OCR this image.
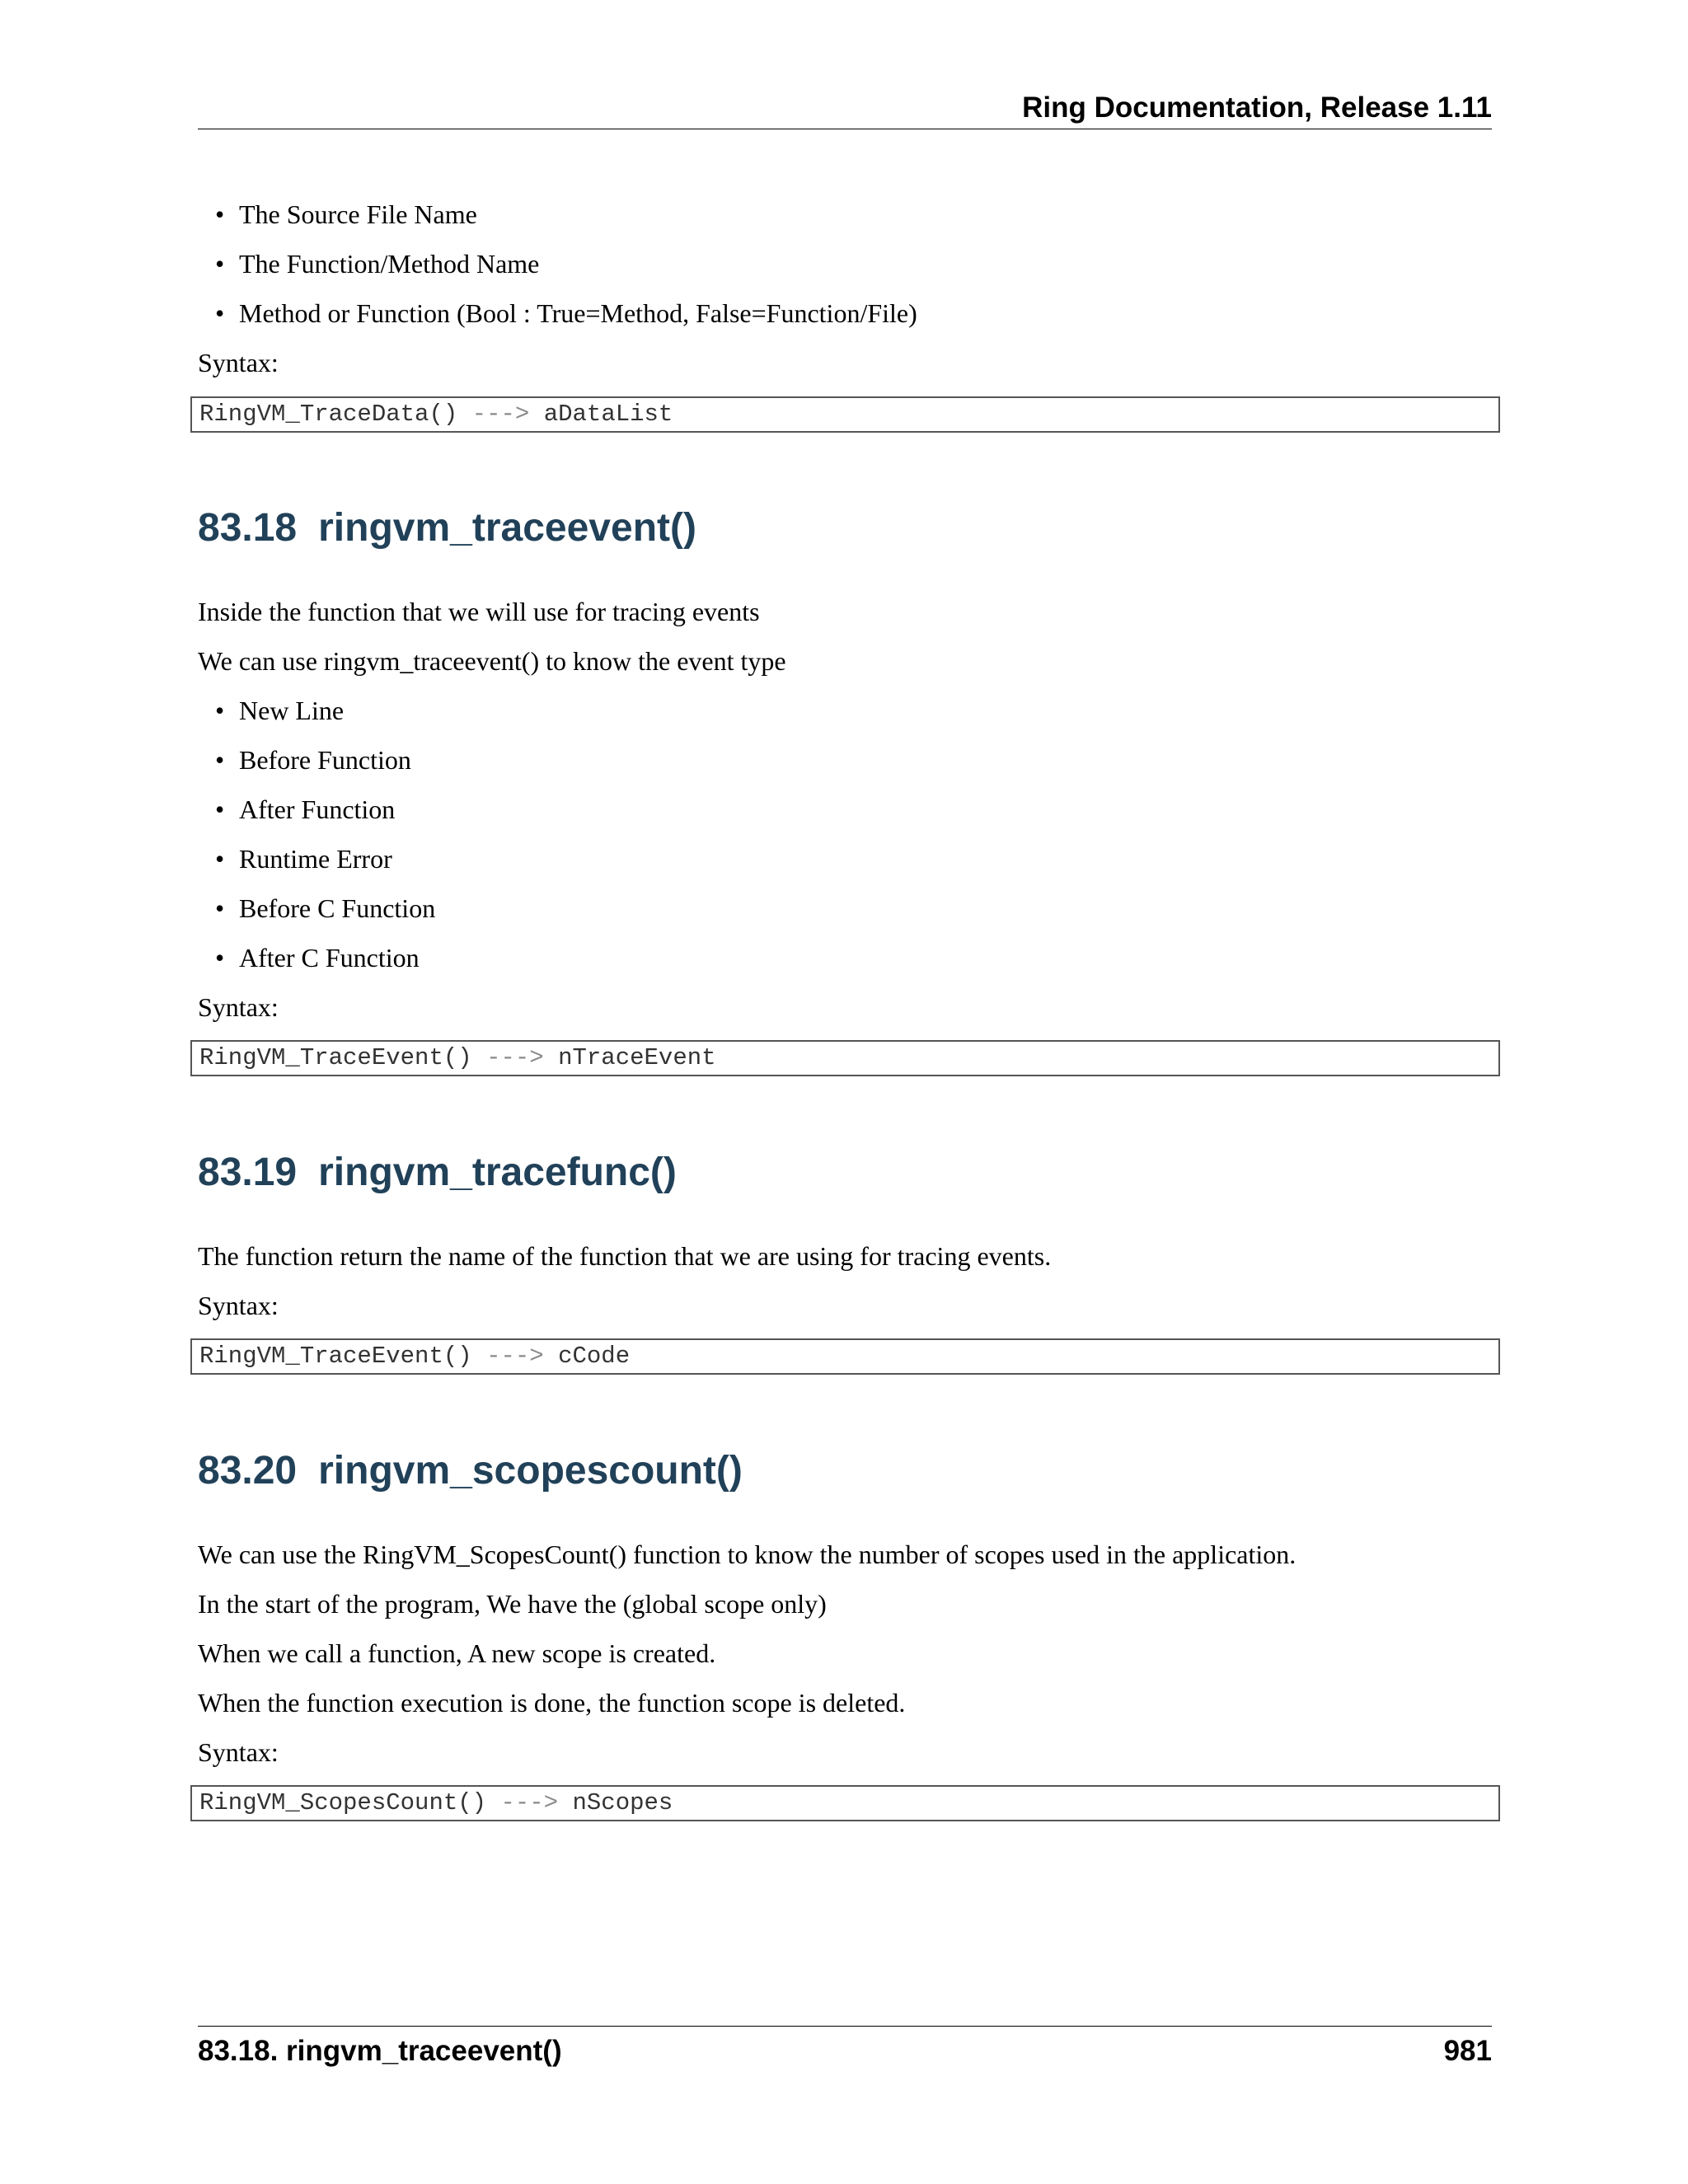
Ring Documentation, Release 1.11
• The Source File Name
• The Function/Method Name
• Method or Function (Bool : True=Method, False=Function/File)
Syntax:
RingVM_TraceData() ---> aDataList
83.18 ringvm_traceevent()
Inside the function that we will use for tracing events
We can use ringvm_traceevent() to know the event type
• New Line
• Before Function
• After Function
• Runtime Error
• Before C Function
• After C Function
Syntax:
RingVM_TraceEvent() ---> nTraceEvent
83.19 ringvm_tracefunc()
The function return the name of the function that we are using for tracing events.
Syntax:
RingVM_TraceEvent() ---> cCode
83.20 ringvm_scopescount()
We can use the RingVM_ScopesCount() function to know the number of scopes used in the application.
In the start of the program, We have the (global scope only)
When we call a function, A new scope is created.
When the function execution is done, the function scope is deleted.
Syntax:
RingVM_ScopesCount() ---> nScopes
83.18. ringvm_traceevent()	981
